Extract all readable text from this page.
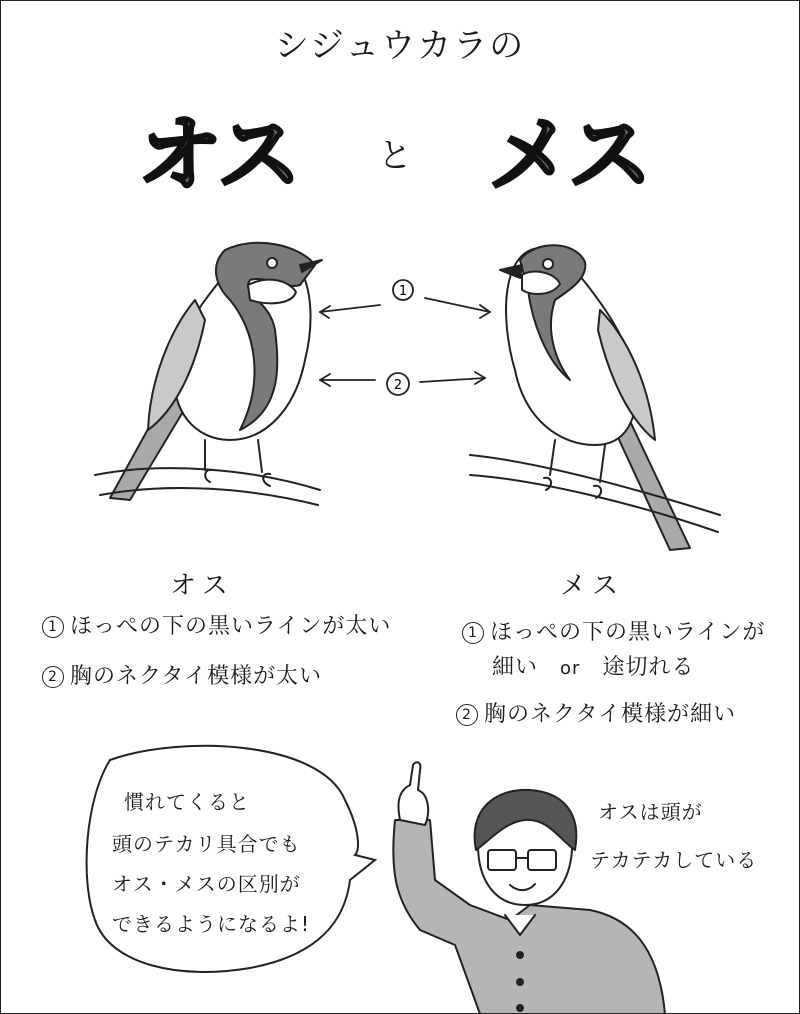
シジュウカラの
オス と メス
1
2
オス
1 ほっぺの下の黒いラインが太い
2 胸のネクタイ模様が太い
メス
1 ほっぺの下の黒いラインが
細い or 途切れる
2 胸のネクタイ模様が細い
慣れてくると
頭のテカリ具合でも
オス・メスの区別が
できるようになるよ!
オスは頭が
テカテカしている
